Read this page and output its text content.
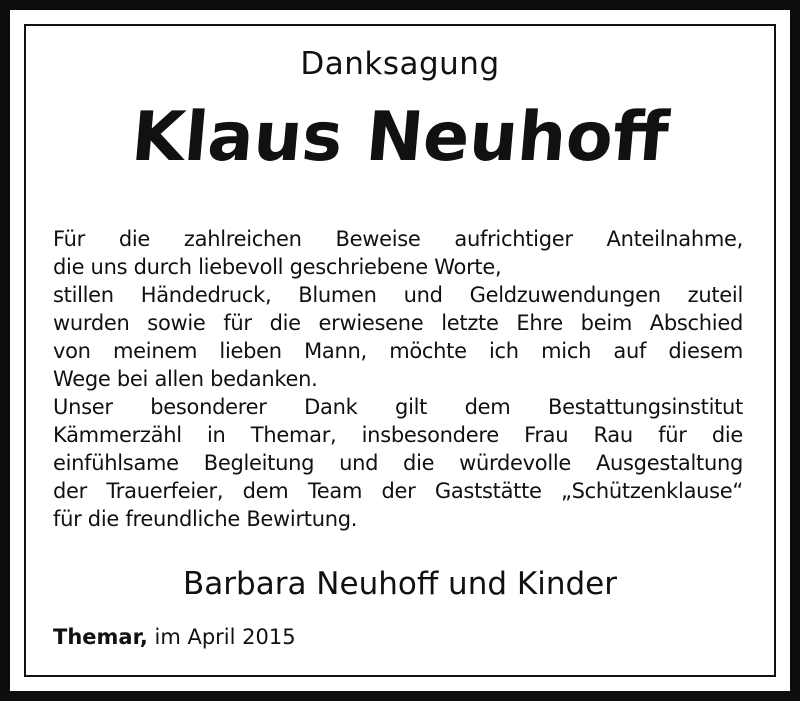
Danksagung
Klaus Neuhoff
Für die zahlreichen Beweise aufrichtiger Anteilnahme,
die uns durch liebevoll geschriebene Worte,
stillen Händedruck, Blumen und Geldzuwendungen zuteil
wurden sowie für die erwiesene letzte Ehre beim Abschied
von meinem lieben Mann, möchte ich mich auf diesem
Wege bei allen bedanken.
Unser besonderer Dank gilt dem Bestattungsinstitut
Kämmerzähl in Themar, insbesondere Frau Rau für die
einfühlsame Begleitung und die würdevolle Ausgestaltung
der Trauerfeier, dem Team der Gaststätte „Schützenklause“
für die freundliche Bewirtung.
Barbara Neuhoff und Kinder
Themar, im April 2015
